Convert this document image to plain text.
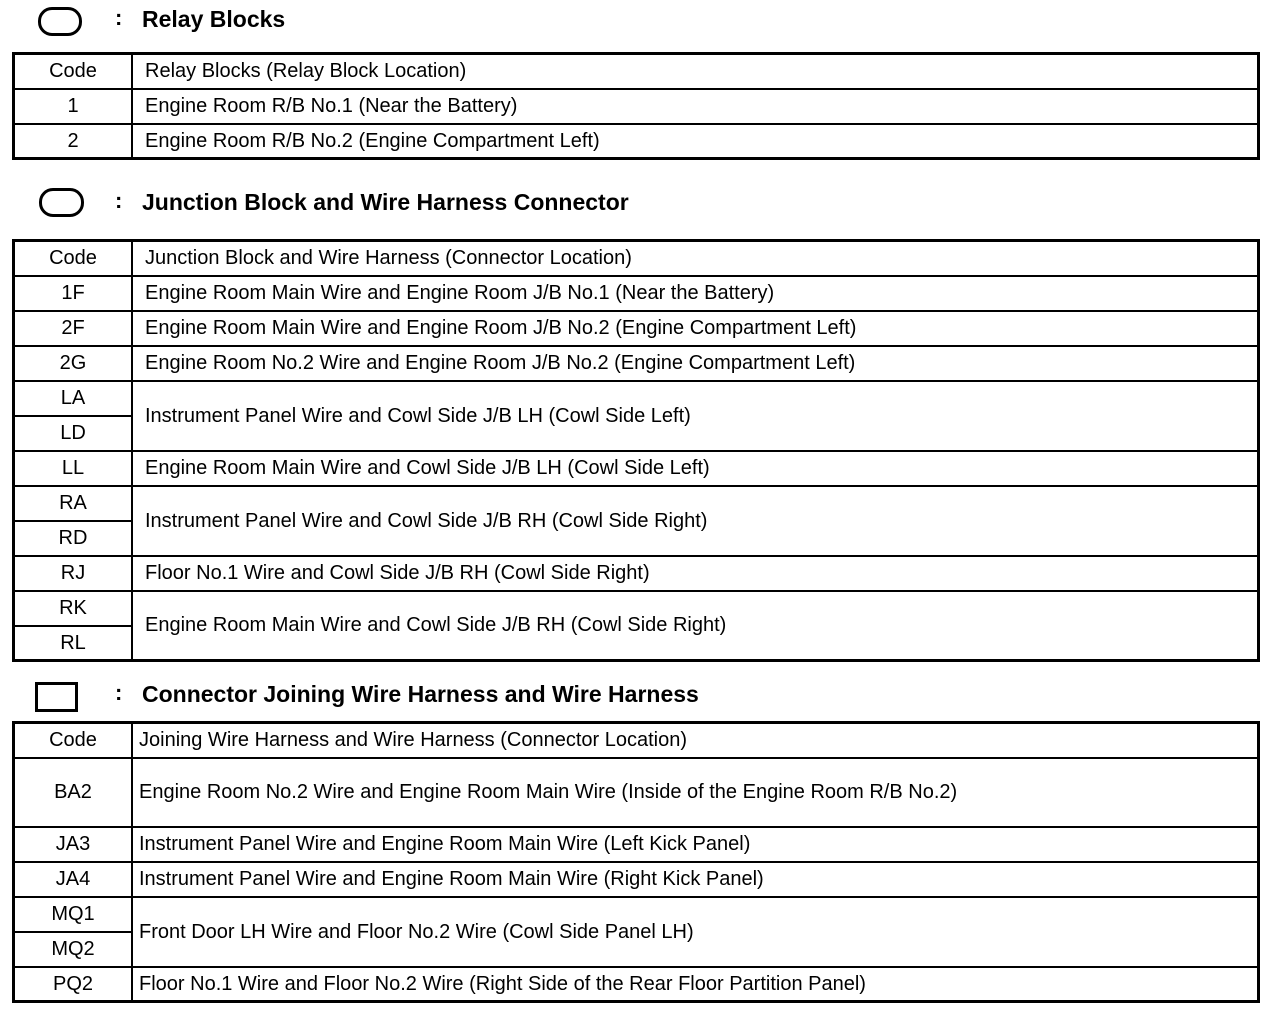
: Relay Blocks
Code	Relay Blocks (Relay Block Location)
1	Engine Room R/B No.1 (Near the Battery)
2	Engine Room R/B No.2 (Engine Compartment Left)
: Junction Block and Wire Harness Connector
Code	Junction Block and Wire Harness (Connector Location)
1F	Engine Room Main Wire and Engine Room J/B No.1 (Near the Battery)
2F	Engine Room Main Wire and Engine Room J/B No.2 (Engine Compartment Left)
2G	Engine Room No.2 Wire and Engine Room J/B No.2 (Engine Compartment Left)
LA	Instrument Panel Wire and Cowl Side J/B LH (Cowl Side Left)
LD	
LL	Engine Room Main Wire and Cowl Side J/B LH (Cowl Side Left)
RA	Instrument Panel Wire and Cowl Side J/B RH (Cowl Side Right)
RD	
RJ	Floor No.1 Wire and Cowl Side J/B RH (Cowl Side Right)
RK	Engine Room Main Wire and Cowl Side J/B RH (Cowl Side Right)
RL	
: Connector Joining Wire Harness and Wire Harness
Code	Joining Wire Harness and Wire Harness (Connector Location)
BA2	Engine Room No.2 Wire and Engine Room Main Wire (Inside of the Engine Room R/B No.2)
JA3	Instrument Panel Wire and Engine Room Main Wire (Left Kick Panel)
JA4	Instrument Panel Wire and Engine Room Main Wire (Right Kick Panel)
MQ1	Front Door LH Wire and Floor No.2 Wire (Cowl Side Panel LH)
MQ2	
PQ2	Floor No.1 Wire and Floor No.2 Wire (Right Side of the Rear Floor Partition Panel)
